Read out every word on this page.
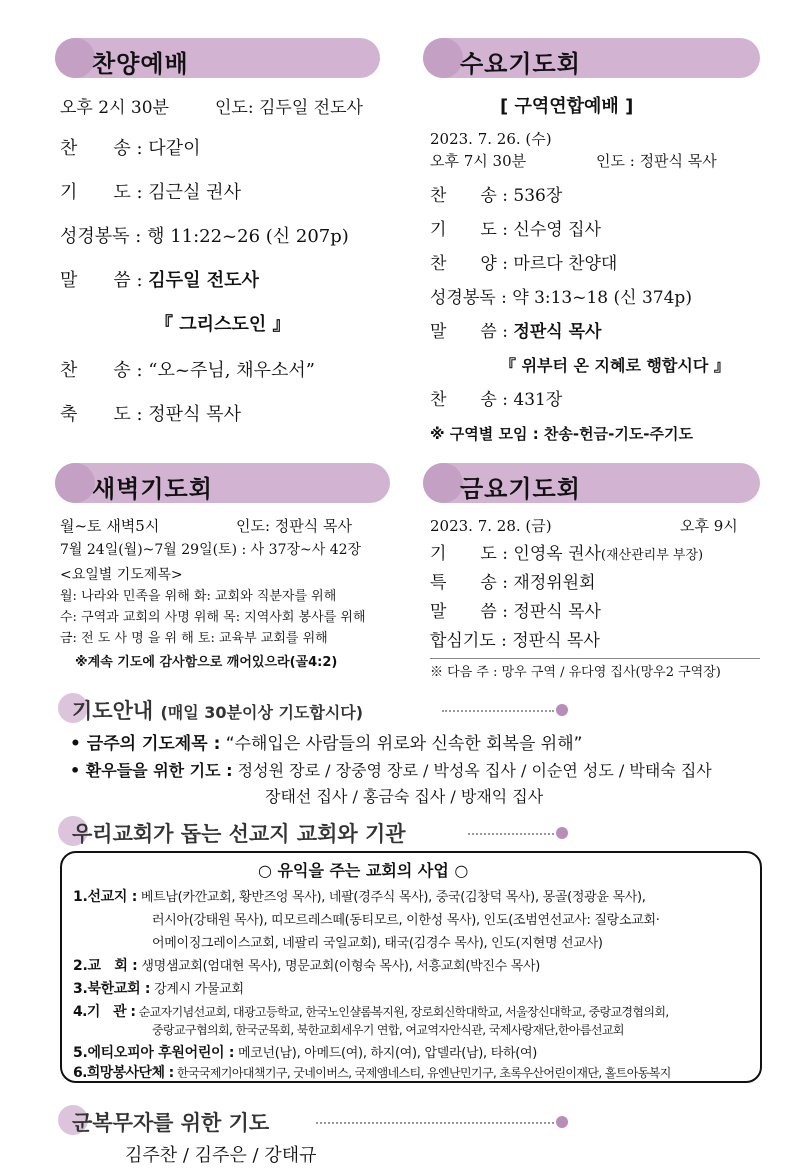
찬양예배
오후 2시 30분	인도: 김두일 전도사
찬　　송 : 다같이
기　　도 : 김근실 권사
성경봉독 : 행 11:22~26 (신 207p)
말　　씀 : 김두일 전도사
『 그리스도인 』
찬　　송 : “오~주님, 채우소서”
축　　도 : 정판식 목사
수요기도회
[ 구역연합예배 ]
2023. 7. 26. (수)
오후 7시 30분	인도 : 정판식 목사
찬　　송 : 536장
기　　도 : 신수영 집사
찬　　양 : 마르다 찬양대
성경봉독 : 약 3:13~18 (신 374p)
말　　씀 : 정판식 목사
『 위부터 온 지혜로 행합시다 』
찬　　송 : 431장
※ 구역별 모임 : 찬송-헌금-기도-주기도
새벽기도회
월~토 새벽5시	인도: 정판식 목사
7월 24일(월)~7월 29일(토) : 사 37장~사 42장
<요일별 기도제목>
월: 나라와 민족을 위해 화: 교회와 직분자를 위해
수: 구역과 교회의 사명 위해 목: 지역사회 봉사를 위해
금: 전 도 사 명 을 위 해 토: 교육부 교회를 위해
※계속 기도에 감사함으로 깨어있으라(골4:2)
금요기도회
2023. 7. 28. (금)	오후 9시
기　　도 : 인영옥 권사(재산관리부 부장)
특　　송 : 재정위원회
말　　씀 : 정판식 목사
합심기도 : 정판식 목사
※ 다음 주 : 망우 구역 / 유다영 집사(망우2 구역장)
기도안내 (매일 30분이상 기도합시다)
• 금주의 기도제목 : “수해입은 사람들의 위로와 신속한 회복을 위해”
• 환우들을 위한 기도 : 정성원 장로 / 장중영 장로 / 박성옥 집사 / 이순연 성도 / 박태숙 집사
장태선 집사 / 홍금숙 집사 / 방재익 집사
우리교회가 돕는 선교지 교회와 기관
○ 유익을 주는 교회의 사업 ○
1.선교지 : 베트남(카깐교회, 황반즈엉 목사), 네팔(경주식 목사), 중국(김창덕 목사), 몽골(정광윤 목사),
러시아(강태원 목사), 띠모르레스떼(동티모르, 이한성 목사), 인도(조범연선교사: 질랑소교회·
어메이징그레이스교회, 네팔리 국일교회), 태국(김경수 목사), 인도(지현명 선교사)
2.교　회 : 생명샘교회(엄대현 목사), 명문교회(이형숙 목사), 서흥교회(박진수 목사)
3.북한교회 : 강계시 가물교회
4.기　관 : 순교자기념선교회, 대광고등학교, 한국노인샬롬복지원, 장로회신학대학교, 서울장신대학교, 중랑교경협의회,
중랑교구협의회, 한국군목회, 북한교회세우기 연합, 여교역자안식관, 국제사랑재단,한아름선교회
5.에티오피아 후원어린이 : 메코넌(남), 아메드(여), 하지(여), 압델라(남), 타하(여)
6.희망봉사단체 : 한국국제기아대책기구, 굿네이버스, 국제앰네스티, 유엔난민기구, 초록우산어린이재단, 홀트아동복지
군복무자를 위한 기도
김주찬 / 김주은 / 강태규
